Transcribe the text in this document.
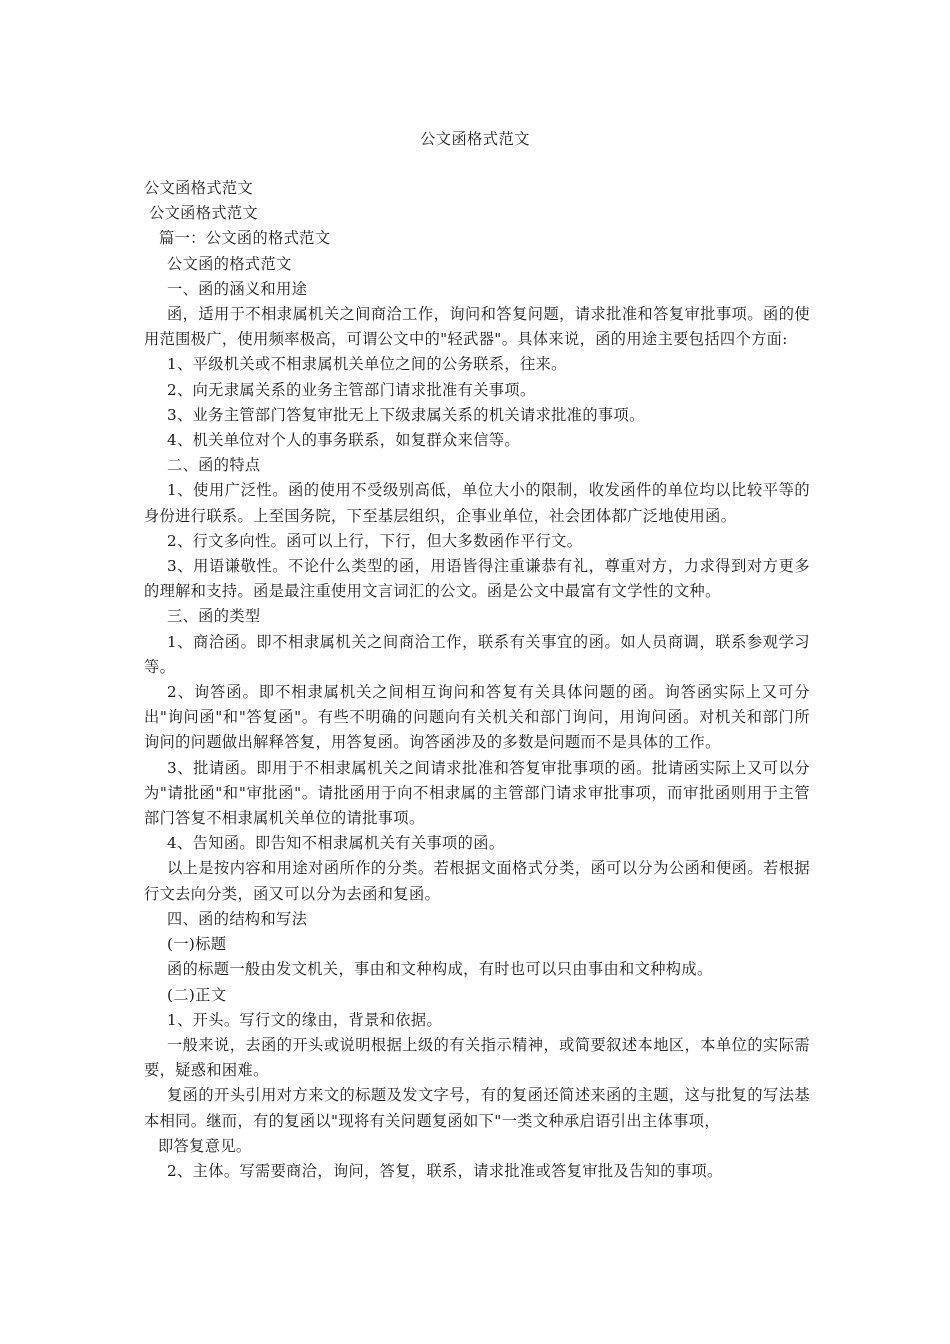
公文函格式范文

公文函格式范文

公文函格式范文

篇一：公文函的格式范文

公文函的格式范文

一、函的涵义和用途

函，适用于不相隶属机关之间商洽工作，询问和答复问题，请求批准和答复审批事项。函的使用范围极广，使用频率极高，可谓公文中的"轻武器"。具体来说，函的用途主要包括四个方面:

1、平级机关或不相隶属机关单位之间的公务联系，往来。

2、向无隶属关系的业务主管部门请求批准有关事项。

3、业务主管部门答复审批无上下级隶属关系的机关请求批准的事项。

4、机关单位对个人的事务联系，如复群众来信等。

二、函的特点

1、使用广泛性。函的使用不受级别高低，单位大小的限制，收发函件的单位均以比较平等的身份进行联系。上至国务院，下至基层组织，企事业单位，社会团体都广泛地使用函。

2、行文多向性。函可以上行，下行，但大多数函作平行文。

3、用语谦敬性。不论什么类型的函，用语皆得注重谦恭有礼，尊重对方，力求得到对方更多的理解和支持。函是最注重使用文言词汇的公文。函是公文中最富有文学性的文种。

三、函的类型

1、商洽函。即不相隶属机关之间商洽工作，联系有关事宜的函。如人员商调，联系参观学习等。

2、询答函。即不相隶属机关之间相互询问和答复有关具体问题的函。询答函实际上又可分出"询问函"和"答复函"。有些不明确的问题向有关机关和部门询问，用询问函。对机关和部门所询问的问题做出解释答复，用答复函。询答函涉及的多数是问题而不是具体的工作。

3、批请函。即用于不相隶属机关之间请求批准和答复审批事项的函。批请函实际上又可以分为"请批函"和"审批函"。请批函用于向不相隶属的主管部门请求审批事项，而审批函则用于主管部门答复不相隶属机关单位的请批事项。

4、告知函。即告知不相隶属机关有关事项的函。

以上是按内容和用途对函所作的分类。若根据文面格式分类，函可以分为公函和便函。若根据行文去向分类，函又可以分为去函和复函。

四、函的结构和写法

(一)标题

函的标题一般由发文机关，事由和文种构成，有时也可以只由事由和文种构成。

(二)正文

1、开头。写行文的缘由，背景和依据。

一般来说，去函的开头或说明根据上级的有关指示精神，或简要叙述本地区，本单位的实际需要，疑惑和困难。

复函的开头引用对方来文的标题及发文字号，有的复函还简述来函的主题，这与批复的写法基本相同。继而，有的复函以"现将有关问题复函如下"一类文种承启语引出主体事项，

即答复意见。

2、主体。写需要商洽，询问，答复，联系，请求批准或答复审批及告知的事项。
